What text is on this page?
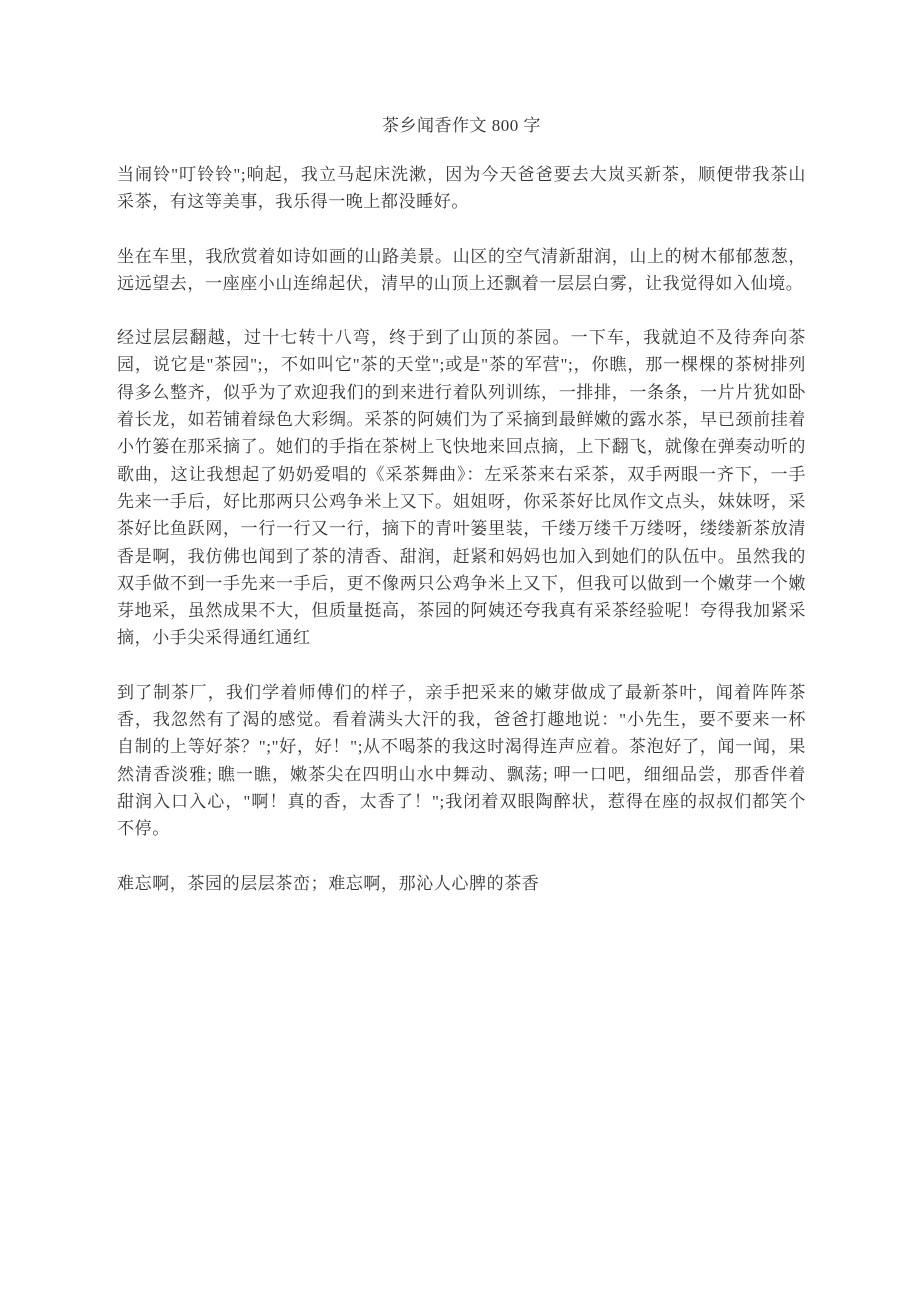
茶乡闻香作文 800 字

当闹铃"叮铃铃";响起，我立马起床洗漱，因为今天爸爸要去大岚买新茶，顺便带我茶山采茶，有这等美事，我乐得一晚上都没睡好。

坐在车里，我欣赏着如诗如画的山路美景。山区的空气清新甜润，山上的树木郁郁葱葱，远远望去，一座座小山连绵起伏，清早的山顶上还飘着一层层白雾，让我觉得如入仙境。

经过层层翻越，过十七转十八弯，终于到了山顶的茶园。一下车，我就迫不及待奔向茶园，说它是"茶园";，不如叫它"茶的天堂";或是"茶的军营";，你瞧，那一棵棵的茶树排列得多么整齐，似乎为了欢迎我们的到来进行着队列训练，一排排，一条条，一片片犹如卧着长龙，如若铺着绿色大彩绸。采茶的阿姨们为了采摘到最鲜嫩的露水茶，早已颈前挂着小竹篓在那采摘了。她们的手指在茶树上飞快地来回点摘，上下翻飞，就像在弹奏动听的歌曲，这让我想起了奶奶爱唱的《采茶舞曲》：左采茶来右采茶，双手两眼一齐下，一手先来一手后，好比那两只公鸡争米上又下。姐姐呀，你采茶好比凤作文点头，妹妹呀，采茶好比鱼跃网，一行一行又一行，摘下的青叶篓里装，千缕万缕千万缕呀，缕缕新茶放清香是啊，我仿佛也闻到了茶的清香、甜润，赶紧和妈妈也加入到她们的队伍中。虽然我的双手做不到一手先来一手后，更不像两只公鸡争米上又下，但我可以做到一个嫩芽一个嫩芽地采，虽然成果不大，但质量挺高，茶园的阿姨还夸我真有采茶经验呢！夸得我加紧采摘，小手尖采得通红通红

到了制茶厂，我们学着师傅们的样子，亲手把采来的嫩芽做成了最新茶叶，闻着阵阵茶香，我忽然有了渴的感觉。看着满头大汗的我，爸爸打趣地说："小先生，要不要来一杯自制的上等好茶？";"好，好！";从不喝茶的我这时渴得连声应着。茶泡好了，闻一闻，果然清香淡雅; 瞧一瞧，嫩茶尖在四明山水中舞动、飘荡; 呷一口吧，细细品尝，那香伴着甜润入口入心，"啊！真的香，太香了！";我闭着双眼陶醉状，惹得在座的叔叔们都笑个不停。

难忘啊，茶园的层层茶峦；难忘啊，那沁人心脾的茶香
